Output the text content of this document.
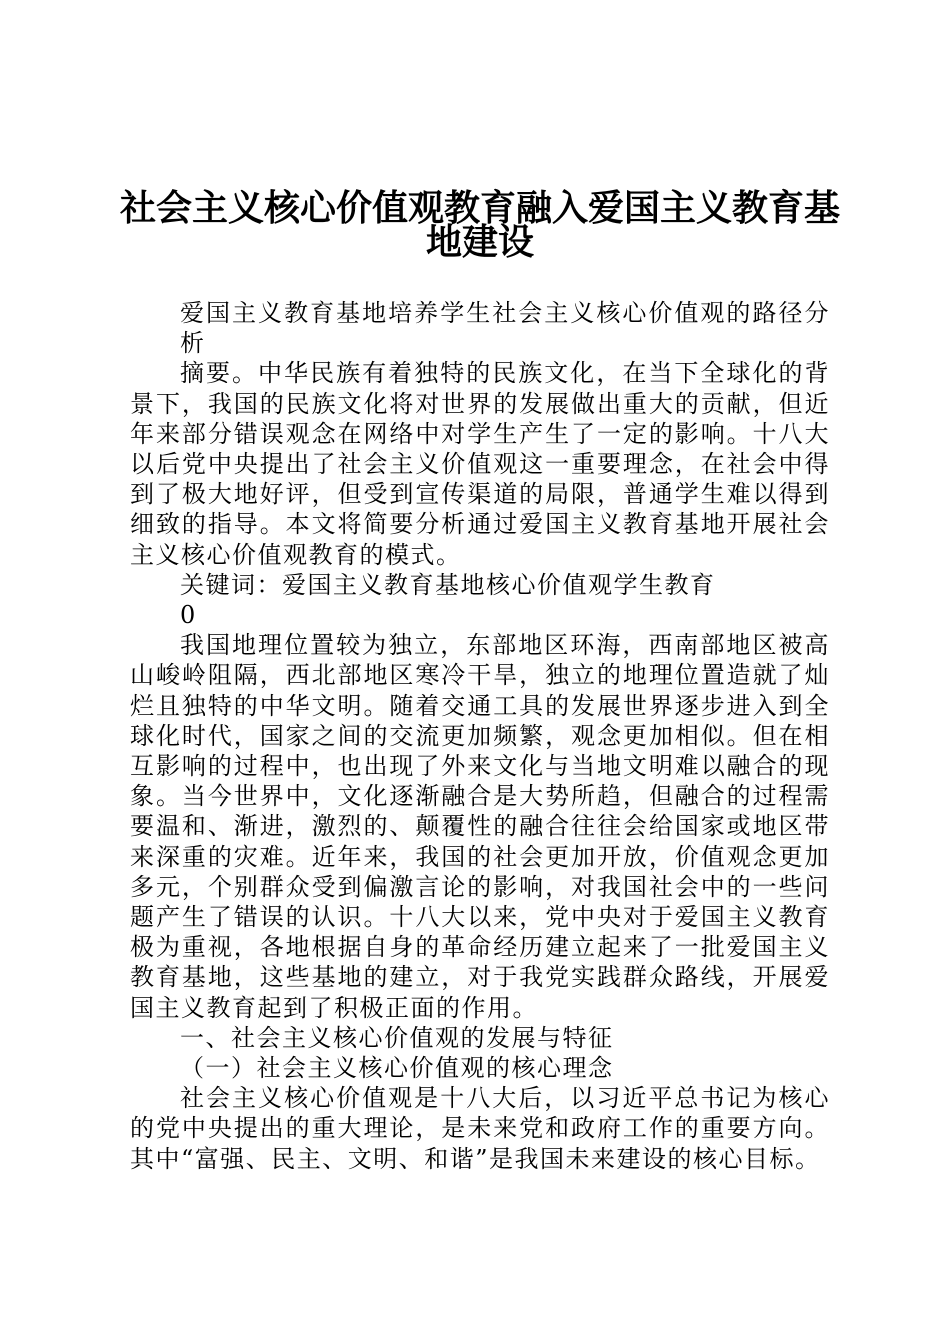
社会主义核心价值观教育融入爱国主义教育基
地建设

爱国主义教育基地培养学生社会主义核心价值观的路径分析

摘要。中华民族有着独特的民族文化，在当下全球化的背景下，我国的民族文化将对世界的发展做出重大的贡献，但近年来部分错误观念在网络中对学生产生了一定的影响。十八大以后党中央提出了社会主义价值观这一重要理念，在社会中得到了极大地好评，但受到宣传渠道的局限，普通学生难以得到细致的指导。本文将简要分析通过爱国主义教育基地开展社会主义核心价值观教育的模式。

关键词：爱国主义教育基地核心价值观学生教育

0

我国地理位置较为独立，东部地区环海，西南部地区被高山峻岭阻隔，西北部地区寒冷干旱，独立的地理位置造就了灿烂且独特的中华文明。随着交通工具的发展世界逐步进入到全球化时代，国家之间的交流更加频繁，观念更加相似。但在相互影响的过程中，也出现了外来文化与当地文明难以融合的现象。当今世界中，文化逐渐融合是大势所趋，但融合的过程需要温和、渐进，激烈的、颠覆性的融合往往会给国家或地区带来深重的灾难。近年来，我国的社会更加开放，价值观念更加多元，个别群众受到偏激言论的影响，对我国社会中的一些问题产生了错误的认识。十八大以来，党中央对于爱国主义教育极为重视，各地根据自身的革命经历建立起来了一批爱国主义教育基地，这些基地的建立，对于我党实践群众路线，开展爱国主义教育起到了积极正面的作用。

一、社会主义核心价值观的发展与特征

（一）社会主义核心价值观的核心理念

社会主义核心价值观是十八大后，以习近平总书记为核心的党中央提出的重大理论，是未来党和政府工作的重要方向。其中“富强、民主、文明、和谐”是我国未来建设的核心目标。
